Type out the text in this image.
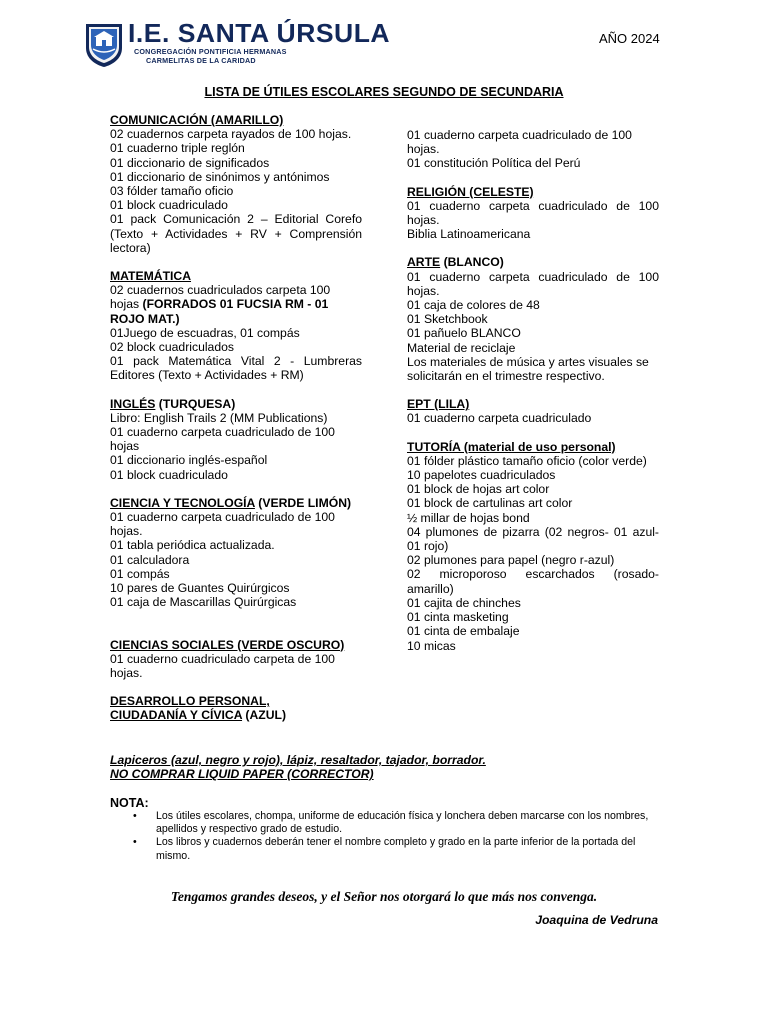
I.E. SANTA ÚRSULA
CONGREGACIÓN PONTIFICIA HERMANAS
CARMELITAS DE LA CARIDAD
AÑO 2024
LISTA DE ÚTILES ESCOLARES SEGUNDO DE SECUNDARIA
COMUNICACIÓN (AMARILLO)
02 cuadernos carpeta rayados de 100 hojas.
01 cuaderno triple reglón
01 diccionario de significados
01 diccionario de sinónimos y antónimos
03 fólder tamaño oficio
01 block cuadriculado
01 pack Comunicación 2 – Editorial Corefo (Texto + Actividades + RV + Comprensión lectora)
MATEMÁTICA
02 cuadernos cuadriculados carpeta 100 hojas (FORRADOS 01 FUCSIA RM - 01 ROJO MAT.)
01Juego de escuadras, 01 compás
02 block cuadriculados
01 pack Matemática Vital 2 - Lumbreras Editores (Texto + Actividades + RM)
INGLÉS (TURQUESA)
Libro: English Trails 2 (MM Publications)
01 cuaderno carpeta cuadriculado de 100 hojas
01 diccionario inglés-español
01 block cuadriculado
CIENCIA Y TECNOLOGÍA (VERDE LIMÓN)
01 cuaderno carpeta cuadriculado de 100 hojas.
01 tabla periódica actualizada.
01 calculadora
01 compás
10 pares de Guantes Quirúrgicos
01 caja de Mascarillas Quirúrgicas
CIENCIAS SOCIALES (VERDE OSCURO)
01 cuaderno cuadriculado carpeta de 100 hojas.
DESARROLLO PERSONAL,
CIUDADANÍA Y CÍVICA (AZUL)
01 cuaderno carpeta cuadriculado de 100 hojas.
01 constitución Política del Perú
RELIGIÓN (CELESTE)
01 cuaderno carpeta cuadriculado de 100 hojas.
Biblia Latinoamericana
ARTE (BLANCO)
01 cuaderno carpeta cuadriculado de 100 hojas.
01 caja de colores de 48
01 Sketchbook
01 pañuelo BLANCO
Material de reciclaje
Los materiales de música y artes visuales se solicitarán en el trimestre respectivo.
EPT (LILA)
01 cuaderno carpeta cuadriculado
TUTORÍA (material de uso personal)
01 fólder plástico tamaño oficio (color verde)
10 papelotes cuadriculados
01 block de hojas art color
01 block de cartulinas art color
½ millar de hojas bond
04 plumones de pizarra (02 negros- 01 azul- 01 rojo)
02 plumones para papel (negro r-azul)
02 microporoso escarchados (rosado-amarillo)
01 cajita de chinches
01 cinta masketing
01 cinta de embalaje
10 micas
Lapiceros (azul, negro y rojo), lápiz, resaltador, tajador, borrador.
NO COMPRAR LIQUID PAPER (CORRECTOR)
NOTA:
• Los útiles escolares, chompa, uniforme de educación física y lonchera deben marcarse con los nombres, apellidos y respectivo grado de estudio.
• Los libros y cuadernos deberán tener el nombre completo y grado en la parte inferior de la portada del mismo.
Tengamos grandes deseos, y el Señor nos otorgará lo que más nos convenga.
Joaquina de Vedruna
